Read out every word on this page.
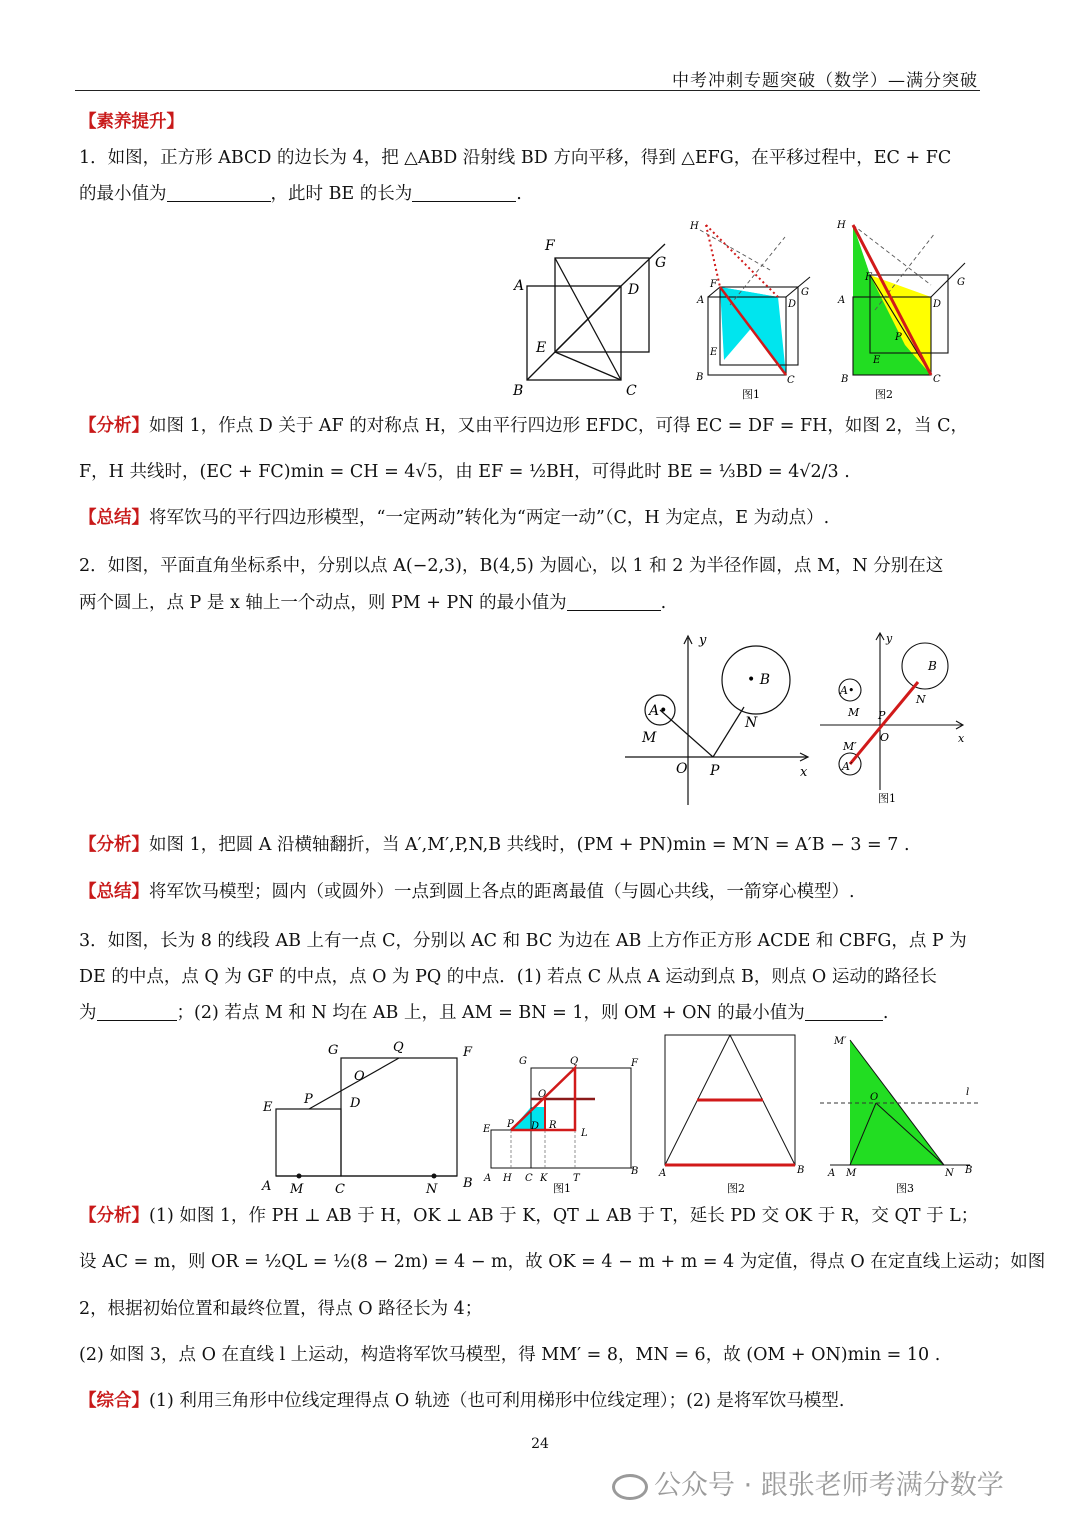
中考冲刺专题突破（数学）—满分突破
【素养提升】
1．如图，正方形 ABCD 的边长为 4，把 △ABD 沿射线 BD 方向平移，得到 △EFG，在平移过程中，EC + FC
的最小值为	，此时 BE 的长为	.
A
B	C
D
E
F
G
H
A
F
D
G
E
B	C
图1
H
A
F
D
G
E
P
B	C
图2
【分析】如图 1，作点 D 关于 AF 的对称点 H，又由平行四边形 EFDC，可得 EC = DF = FH，如图 2，当 C，
F，H 共线时，(EC + FC)min = CH = 4√5，由 EF = ½BH，可得此时 BE = ⅓BD = 4√2/3 .
【总结】将军饮马的平行四边形模型，“一定两动”转化为“两定一动”（C，H 为定点，E 为动点）.
2．如图，平面直角坐标系中，分别以点 A(−2,3)，B(4,5) 为圆心，以 1 和 2 为半径作圆，点 M，N 分别在这
两个圆上，点 P 是 x 轴上一个动点，则 PM + PN 的最小值为	.
A•
• B
M
N
O P
y
x
A•
A′
M′
M
B
N
P
O
y
x
图1
【分析】如图 1，把圆 A 沿横轴翻折，当 A′,M′,P,N,B 共线时，(PM + PN)min = M′N = A′B − 3 = 7 .
【总结】将军饮马模型；圆内（或圆外）一点到圆上各点的距离最值（与圆心共线，一箭穿心模型）.
3．如图，长为 8 的线段 AB 上有一点 C，分别以 AC 和 BC 为边在 AB 上方作正方形 ACDE 和 CBFG，点 P 为
DE 的中点，点 Q 为 GF 的中点，点 O 为 PQ 的中点．(1) 若点 C 从点 A 运动到点 B，则点 O 运动的路径长
为	；(2) 若点 M 和 N 均在 AB 上，且 AM = BN = 1，则 OM + ON 的最小值为	.
A M C	N B
E
P	D
O
G	Q	F
A H C K	T
B
E P D R
L
O
G	Q	F
图1
A	B
图2
M′
l
O
A M	N B
图3
【分析】(1) 如图 1，作 PH ⊥ AB 于 H，OK ⊥ AB 于 K，QT ⊥ AB 于 T，延长 PD 交 OK 于 R，交 QT 于 L；
设 AC = m，则 OR = ½QL = ½(8 − 2m) = 4 − m，故 OK = 4 − m + m = 4 为定值，得点 O 在定直线上运动；如图
2，根据初始位置和最终位置，得点 O 路径长为 4；
(2) 如图 3，点 O 在直线 l 上运动，构造将军饮马模型，得 MM′ = 8，MN = 6，故 (OM + ON)min = 10 .
【综合】(1) 利用三角形中位线定理得点 O 轨迹（也可利用梯形中位线定理）；(2) 是将军饮马模型.
24
公众号 · 跟张老师考满分数学
